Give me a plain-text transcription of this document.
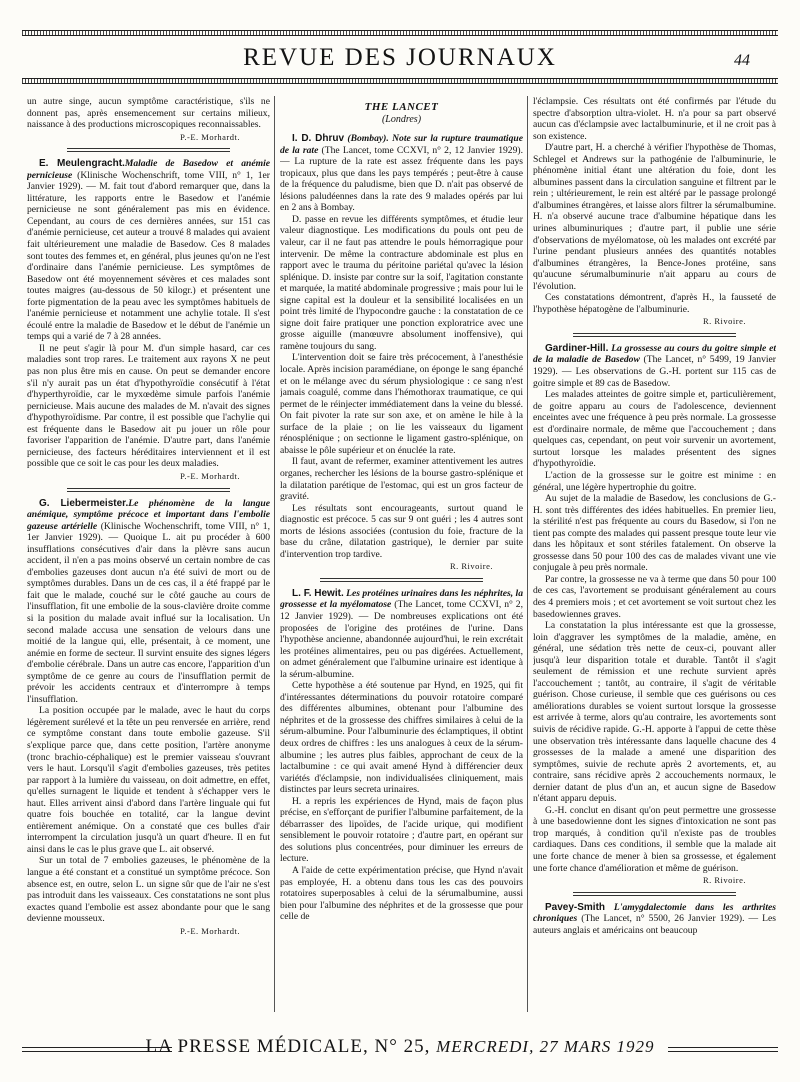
REVUE DES JOURNAUX	44

un autre singe, aucun symptôme caractéristique, s'ils ne donnent pas, après ensemencement sur certains milieux, naissance à des productions microscopiques reconnaissables.

P.-E. Morhardt.

E. Meulengracht.Maladie de Basedow et anémie pernicieuse (Klinische Wochenschrift, tome VIII, n° 1, 1er Janvier 1929). — M. fait tout d'abord remarquer que, dans la littérature, les rapports entre le Basedow et l'anémie pernicieuse ne sont généralement pas mis en évidence. Cependant, au cours de ces dernières années, sur 151 cas d'anémie pernicieuse, cet auteur a trouvé 8 malades qui avaient fait ultérieurement une maladie de Basedow. Ces 8 malades sont toutes des femmes et, en général, plus jeunes qu'on ne l'est d'ordinaire dans l'anémie pernicieuse. Les symptômes de Basedow ont été moyennement sévères et ces malades sont toutes maigres (au-dessous de 50 kilogr.) et présentent une forte pigmentation de la peau avec les symptômes habituels de l'anémie pernicieuse et notamment une achylie totale. Il s'est écoulé entre la maladie de Basedow et le début de l'anémie un temps qui a varié de 7 à 28 années.

Il ne peut s'agir là pour M. d'un simple hasard, car ces maladies sont trop rares. Le traitement aux rayons X ne peut pas non plus être mis en cause. On peut se demander encore s'il n'y aurait pas un état d'hypothyroïdie consécutif à l'état d'hyperthyroïdie, car le myxœdème simule parfois l'anémie pernicieuse. Mais aucune des malades de M. n'avait des signes d'hypothyroïdisme. Par contre, il est possible que l'achylie qui est fréquente dans le Basedow ait pu jouer un rôle pour favoriser l'apparition de l'anémie. D'autre part, dans l'anémie pernicieuse, des facteurs héréditaires interviennent et il est possible que ce soit le cas pour les deux maladies.

P.-E. Morhardt.

G. Liebermeister.Le phénomène de la langue anémique, symptôme précoce et important dans l'embolie gazeuse artérielle (Klinische Wochenschrift, tome VIII, n° 1, 1er Janvier 1929). — Quoique L. ait pu procéder à 600 insufflations consécutives d'air dans la plèvre sans aucun accident, il n'en a pas moins observé un certain nombre de cas d'embolies gazeuses dont aucun n'a été suivi de mort ou de symptômes durables. Dans un de ces cas, il a été frappé par le fait que le malade, couché sur le côté gauche au cours de l'insufflation, fit une embolie de la sous-clavière droite comme si la position du malade avait influé sur la localisation. Un second malade accusa une sensation de velours dans une moitié de la langue qui, elle, présentait, à ce moment, une anémie en forme de secteur. Il survint ensuite des signes légers d'embolie cérébrale. Dans un autre cas encore, l'apparition d'un symptôme de ce genre au cours de l'insufflation permit de prévoir les accidents centraux et d'interrompre à temps l'insufflation.

La position occupée par le malade, avec le haut du corps légèrement surélevé et la tête un peu renversée en arrière, rend ce symptôme constant dans toute embolie gazeuse. S'il s'explique parce que, dans cette position, l'artère anonyme (tronc brachio-céphalique) est le premier vaisseau s'ouvrant vers le haut. Lorsqu'il s'agit d'embolies gazeuses, très petites par rapport à la lumière du vaisseau, on doit admettre, en effet, qu'elles surnagent le liquide et tendent à s'échapper vers le haut. Elles arrivent ainsi d'abord dans l'artère linguale qui fut quatre fois bouchée en totalité, car la langue devint entièrement anémique. On a constaté que ces bulles d'air interrompent la circulation jusqu'à un quart d'heure. Il en fut ainsi dans le cas le plus grave que L. ait observé.

Sur un total de 7 embolies gazeuses, le phénomène de la langue a été constant et a constitué un symptôme précoce. Son absence est, en outre, selon L. un signe sûr que de l'air ne s'est pas introduit dans les vaisseaux. Ces constatations ne sont plus exactes quand l'embolie est assez abondante pour que le sang devienne mousseux.

P.-E. Morhardt.
THE LANCET
(Londres)

I. D. Dhruv (Bombay). Note sur la rupture traumatique de la rate (The Lancet, tome CCXVI, n° 2, 12 Janvier 1929). — La rupture de la rate est assez fréquente dans les pays tropicaux, plus que dans les pays tempérés ; peut-être à cause de la fréquence du paludisme, bien que D. n'ait pas observé de lésions paludéennes dans la rate des 9 malades opérés par lui en 2 ans à Bombay.

D. passe en revue les différents symptômes, et étudie leur valeur diagnostique. Les modifications du pouls ont peu de valeur, car il ne faut pas attendre le pouls hémorragique pour intervenir. De même la contracture abdominale est plus en rapport avec le trauma du péritoine pariétal qu'avec la lésion splénique. D. insiste par contre sur la soif, l'agitation constante et marquée, la matité abdominale progressive ; mais pour lui le signe capital est la douleur et la sensibilité localisées en un point très limité de l'hypocondre gauche : la constatation de ce signe doit faire pratiquer une ponction exploratrice avec une grosse aiguille (manœuvre absolument inoffensive), qui ramène toujours du sang.

L'intervention doit se faire très précocement, à l'anesthésie locale. Après incision paramédiane, on éponge le sang épanché et on le mélange avec du sérum physiologique : ce sang n'est jamais coagulé, comme dans l'hémothorax traumatique, ce qui permet de le réinjecter immédiatement dans la veine du blessé. On fait pivoter la rate sur son axe, et on amène le hile à la surface de la plaie ; on lie les vaisseaux du ligament rénosplénique ; on sectionne le ligament gastro-splénique, on abaisse le pôle supérieur et on énuclée la rate.

Il faut, avant de refermer, examiner attentivement les autres organes, rechercher les lésions de la bourse gastro-splénique et la dilatation parétique de l'estomac, qui est un gros facteur de gravité.

Les résultats sont encourageants, surtout quand le diagnostic est précoce. 5 cas sur 9 ont guéri ; les 4 autres sont morts de lésions associées (contusion du foie, fracture de la base du crâne, dilatation gastrique), le dernier par suite d'intervention trop tardive.

R. Rivoire.

L. F. Hewit. Les protéines urinaires dans les néphrites, la grossesse et la myélomatose (The Lancet, tome CCXVI, n° 2, 12 Janvier 1929). — De nombreuses explications ont été proposées de l'origine des protéines de l'urine. Dans l'hypothèse ancienne, abandonnée aujourd'hui, le rein excrétait les protéines alimentaires, peu ou pas digérées. Actuellement, on admet généralement que l'albumine urinaire est identique à la sérum-albumine.

Cette hypothèse a été soutenue par Hynd, en 1925, qui fit d'intéressantes déterminations du pouvoir rotatoire comparé des différentes albumines, obtenant pour l'albumine des néphrites et de la grossesse des chiffres similaires à celui de la sérum-albumine. Pour l'albuminurie des éclamptiques, il obtint deux ordres de chiffres : les uns analogues à ceux de la sérum-albumine ; les autres plus faibles, approchant de ceux de la lactalbumine : ce qui avait amené Hynd à différencier deux variétés d'éclampsie, non individualisées cliniquement, mais distinctes par leurs secreta urinaires.

H. a repris les expériences de Hynd, mais de façon plus précise, en s'efforçant de purifier l'albumine parfaitement, de la débarrasser des lipoïdes, de l'acide urique, qui modifient sensiblement le pouvoir rotatoire ; d'autre part, en opérant sur des solutions plus concentrées, pour diminuer les erreurs de lecture.

A l'aide de cette expérimentation précise, que Hynd n'avait pas employée, H. a obtenu dans tous les cas des pouvoirs rotatoires superposables à celui de la sérumalbumine, aussi bien pour l'albumine des néphrites et de la grossesse que pour celle de

l'éclampsie. Ces résultats ont été confirmés par l'étude du spectre d'absorption ultra-violet. H. n'a pour sa part observé aucun cas d'éclampsie avec lactalbuminurie, et il ne croit pas à son existence.

D'autre part, H. a cherché à vérifier l'hypothèse de Thomas, Schlegel et Andrews sur la pathogénie de l'albuminurie, le phénomène initial étant une altération du foie, dont les albumines passent dans la circulation sanguine et filtrent par le rein ; ultérieurement, le rein est altéré par le passage prolongé d'albumines étrangères, et laisse alors filtrer la sérumalbumine. H. n'a observé aucune trace d'albumine hépatique dans les urines albuminuriques ; d'autre part, il publie une série d'observations de myélomatose, où les malades ont excrété par l'urine pendant plusieurs années des quantités notables d'albumines étrangères, la Bence-Jones protéine, sans qu'aucune sérumalbuminurie n'ait apparu au cours de l'évolution.

Ces constatations démontrent, d'après H., la fausseté de l'hypothèse hépatogène de l'albuminurie.

R. Rivoire.

Gardiner-Hill. La grossesse au cours du goitre simple et de la maladie de Basedow (The Lancet, n° 5499, 19 Janvier 1929). — Les observations de G.-H. portent sur 115 cas de goitre simple et 89 cas de Basedow.

Les malades atteintes de goitre simple et, particulièrement, de goitre apparu au cours de l'adolescence, deviennent enceintes avec une fréquence à peu près normale. La grossesse est d'ordinaire normale, de même que l'accouchement ; dans quelques cas, cependant, on peut voir survenir un avortement, surtout lorsque les malades présentent des signes d'hypothyroïdie.

L'action de la grossesse sur le goitre est minime : en général, une légère hypertrophie du goitre.

Au sujet de la maladie de Basedow, les conclusions de G.-H. sont très différentes des idées habituelles. En premier lieu, la stérilité n'est pas fréquente au cours du Basedow, si l'on ne tient pas compte des malades qui passent presque toute leur vie dans les hôpitaux et sont stériles fatalement. On observe la grossesse dans 50 pour 100 des cas de malades vivant une vie conjugale à peu près normale.

Par contre, la grossesse ne va à terme que dans 50 pour 100 de ces cas, l'avortement se produisant généralement au cours des 4 premiers mois ; et cet avortement se voit surtout chez les basedowiennes graves.

La constatation la plus intéressante est que la grossesse, loin d'aggraver les symptômes de la maladie, amène, en général, une sédation très nette de ceux-ci, pouvant aller jusqu'à leur disparition totale et durable. Tantôt il s'agit seulement de rémission et une rechute survient après l'accouchement ; tantôt, au contraire, il s'agit de véritable guérison. Chose curieuse, il semble que ces guérisons ou ces améliorations durables se voient surtout lorsque la grossesse est arrivée à terme, alors qu'au contraire, les avortements sont suivis de récidive rapide. G.-H. apporte à l'appui de cette thèse une observation très intéressante dans laquelle chacune des 4 grossesses de la malade a amené une disparition des symptômes, suivie de rechute après 2 avortements, et, au contraire, sans récidive après 2 accouchements normaux, le dernier datant de plus d'un an, et aucun signe de Basedow n'étant apparu depuis.

G.-H. conclut en disant qu'on peut permettre une grossesse à une basedowienne dont les signes d'intoxication ne sont pas trop marqués, à condition qu'il n'existe pas de troubles cardiaques. Dans ces conditions, il semble que la malade ait une forte chance de mener à bien sa grossesse, et également une forte chance d'amélioration et même de guérison.

R. Rivoire.

Pavey-Smith L'amygdalectomie dans les arthrites chroniques (The Lancet, n° 5500, 26 Janvier 1929). — Les auteurs anglais et américains ont beaucoup

LA PRESSE MÉDICALE, N° 25, MERCREDI, 27 MARS 1929
